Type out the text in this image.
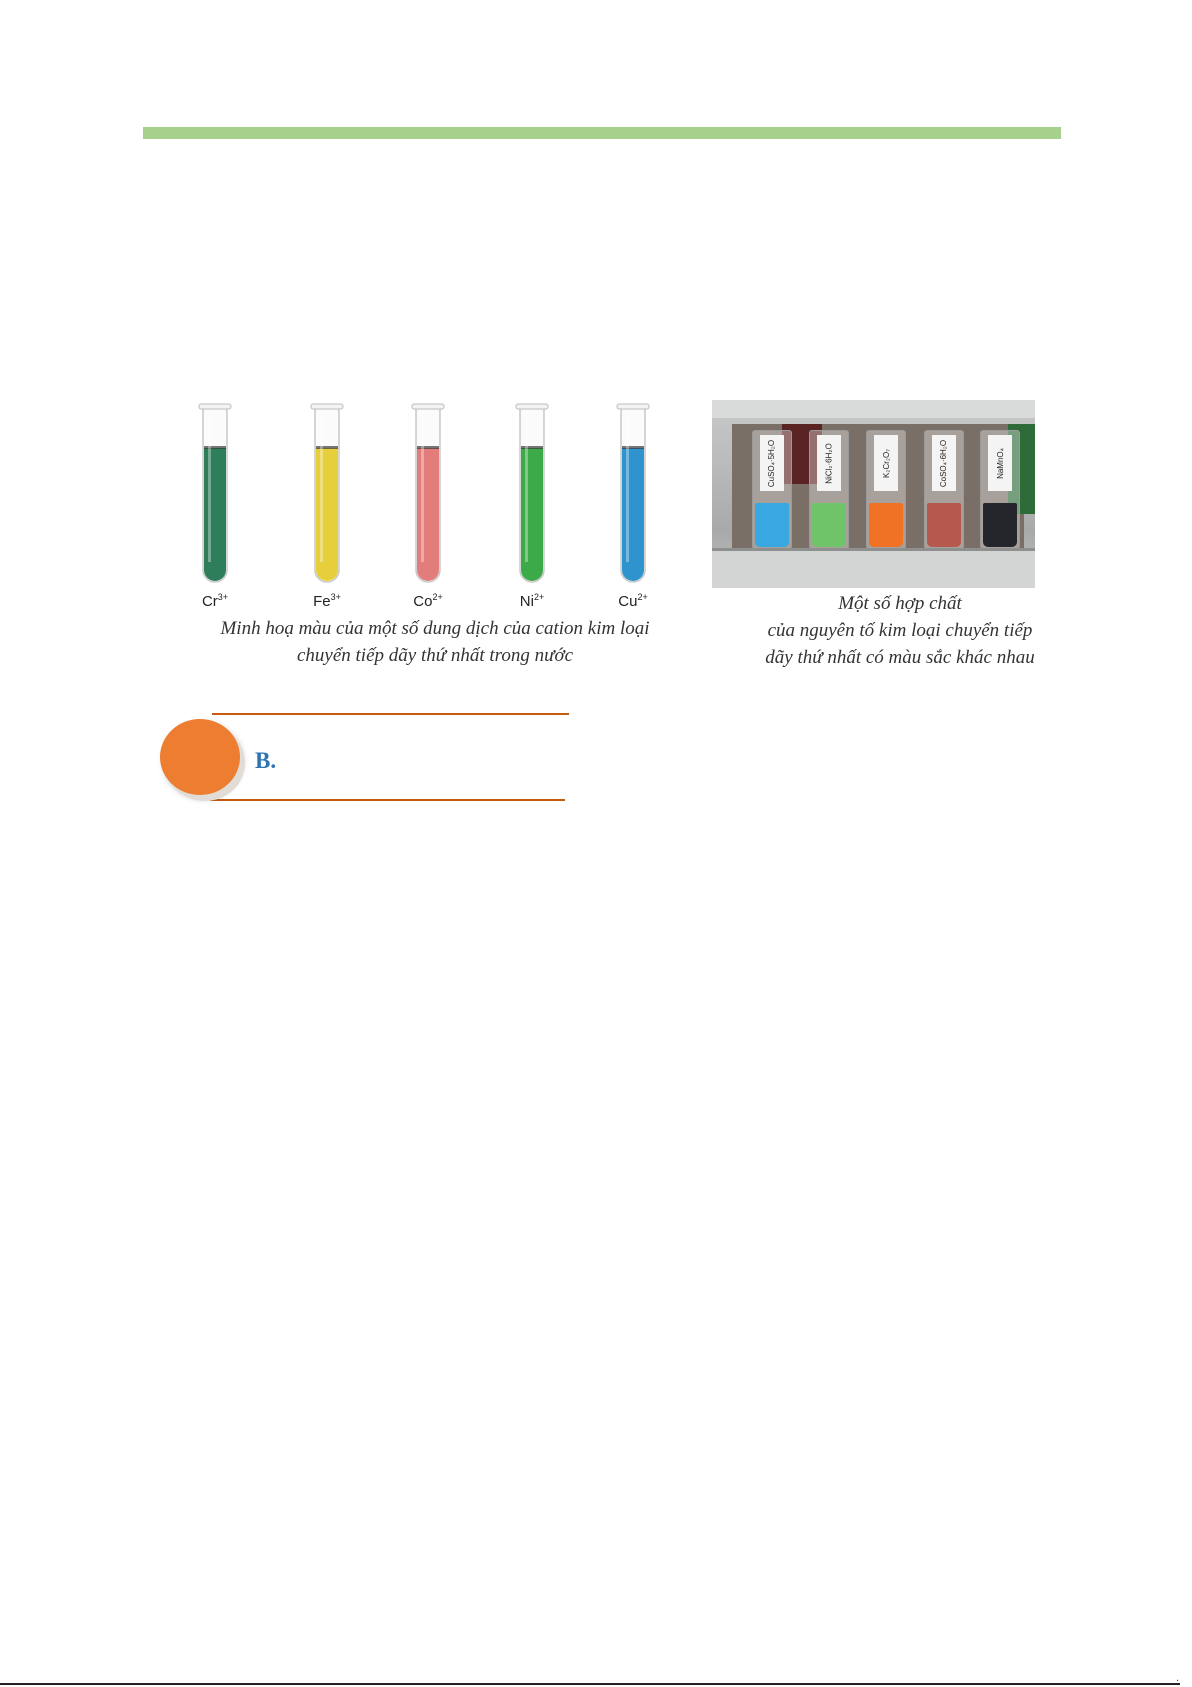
$Cr^{3+}$	$Fe^{3+}$	$Co^{2+}$	$Ni^{2+}$	$Cu^{2+}$

Minh hoạ màu của một số dung dịch của cation kim loại
chuyển tiếp dãy thứ nhất trong nước

CuSO₄·5H₂O	NiCl₂·6H₂O	K₂Cr₂O₇	CoSO₄·6H₂O	NaMnO₄

Một số hợp chất
của nguyên tố kim loại chuyển tiếp
dãy thứ nhất có màu sắc khác nhau

B.
·
